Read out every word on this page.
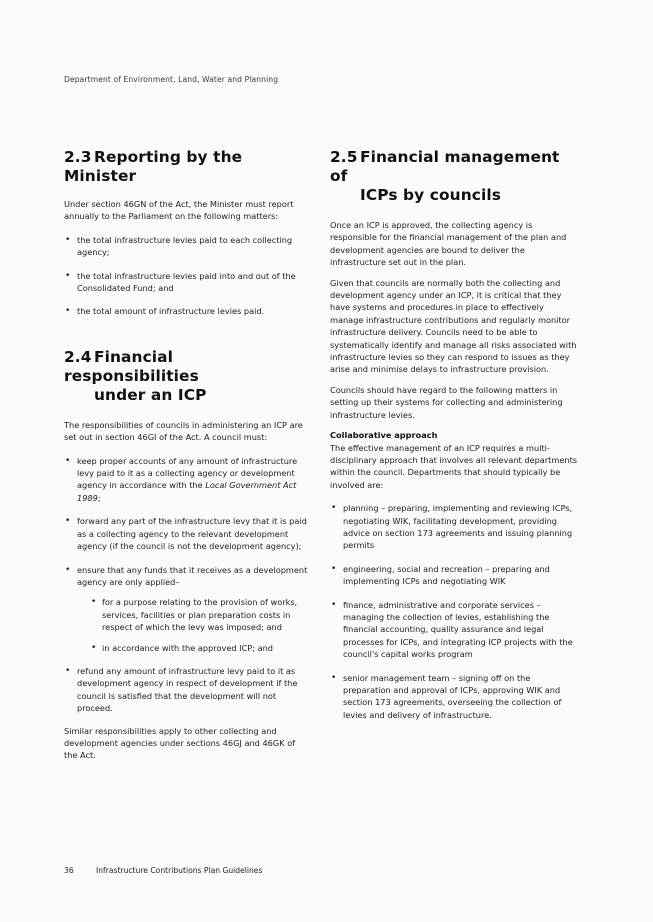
Department of Environment, Land, Water and Planning
2.3 Reporting by the Minister

Under section 46GN of the Act, the Minister must report annually to the Parliament on the following matters:

• the total infrastructure levies paid to each collecting agency;
• the total infrastructure levies paid into and out of the Consolidated Fund; and
• the total amount of infrastructure levies paid.
2.4 Financial responsibilities
under an ICP

The responsibilities of councils in administering an ICP are set out in section 46GI of the Act. A council must:

• keep proper accounts of any amount of infrastructure levy paid to it as a collecting agency or development agency in accordance with the Local Government Act 1989;
• forward any part of the infrastructure levy that it is paid as a collecting agency to the relevant development agency (if the council is not the development agency);
• ensure that any funds that it receives as a development agency are only applied–
• for a purpose relating to the provision of works, services, facilities or plan preparation costs in respect of which the levy was imposed; and
• in accordance with the approved ICP; and
• refund any amount of infrastructure levy paid to it as development agency in respect of development if the council is satisfied that the development will not proceed.

Similar responsibilities apply to other collecting and development agencies under sections 46GJ and 46GK of the Act.

2.5 Financial management of
ICPs by councils

Once an ICP is approved, the collecting agency is responsible for the financial management of the plan and development agencies are bound to deliver the infrastructure set out in the plan.

Given that councils are normally both the collecting and development agency under an ICP, it is critical that they have systems and procedures in place to effectively manage infrastructure contributions and regularly monitor infrastructure delivery. Councils need to be able to systematically identify and manage all risks associated with infrastructure levies so they can respond to issues as they arise and minimise delays to infrastructure provision.

Councils should have regard to the following matters in setting up their systems for collecting and administering infrastructure levies.

Collaborative approach

The effective management of an ICP requires a multi-disciplinary approach that involves all relevant departments within the council. Departments that should typically be involved are:

• planning – preparing, implementing and reviewing ICPs, negotiating WIK, facilitating development, providing advice on section 173 agreements and issuing planning permits
• engineering, social and recreation – preparing and implementing ICPs and negotiating WIK
• finance, administrative and corporate services – managing the collection of levies, establishing the financial accounting, quality assurance and legal processes for ICPs, and integrating ICP projects with the council's capital works program
• senior management team – signing off on the preparation and approval of ICPs, approving WIK and section 173 agreements, overseeing the collection of levies and delivery of infrastructure.
36	Infrastructure Contributions Plan Guidelines
